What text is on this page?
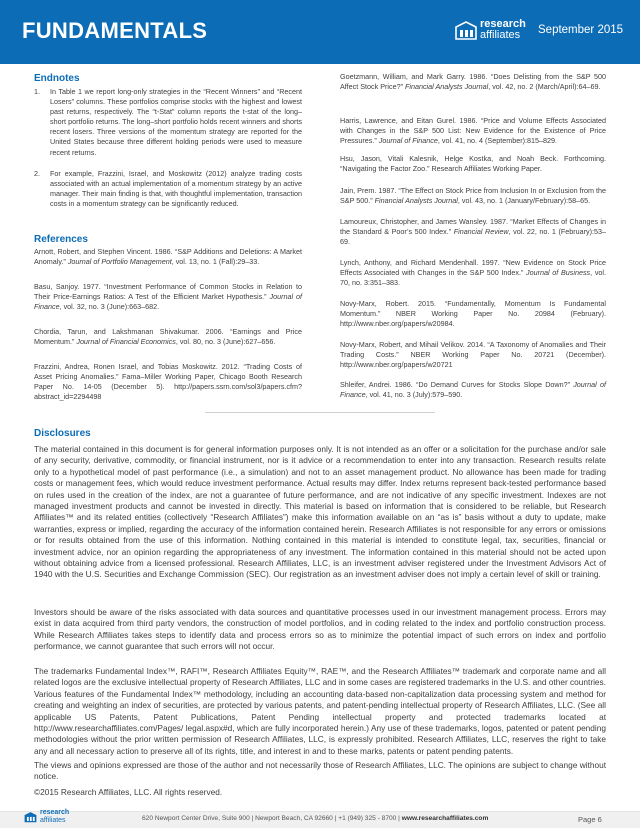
FUNDAMENTALS	research
affiliates September 2015
Endnotes
1. In Table 1 we report long-only strategies in the “Recent Winners” and “Recent Losers” columns. These portfolios comprise stocks with the highest and lowest past returns, respectively. The “t-Stat” column reports the t-stat of the long–short portfolio returns. The long–short portfolio holds recent winners and shorts recent losers. Three versions of the momentum strategy are reported for the United States because three different holding periods were used to measure recent returns.
2. For example, Frazzini, Israel, and Moskowitz (2012) analyze trading costs associated with an actual implementation of a momentum strategy by an active manager. Their main finding is that, with thoughtful implementation, transaction costs in a momentum strategy can be significantly reduced.
References
Arnott, Robert, and Stephen Vincent. 1986. “S&P Additions and Deletions: A Market Anomaly.” Journal of Portfolio Management, vol. 13, no. 1 (Fall):29–33.
Basu, Sanjoy. 1977. “Investment Performance of Common Stocks in Relation to Their Price-Earnings Ratios: A Test of the Efficient Market Hypothesis.” Journal of Finance, vol. 32, no. 3 (June):663–682.
Chordia, Tarun, and Lakshmanan Shivakumar. 2006. “Earnings and Price Momentum.” Journal of Financial Economics, vol. 80, no. 3 (June):627–656.
Frazzini, Andrea, Ronen Israel, and Tobias Moskowitz. 2012. “Trading Costs of Asset Pricing Anomalies.” Fama–Miller Working Paper, Chicago Booth Research Paper No. 14-05 (December 5). http://papers.ssrn.com/sol3/papers.cfm?abstract_id=2294498
Goetzmann, William, and Mark Garry. 1986. “Does Delisting from the S&P 500 Affect Stock Price?” Financial Analysts Journal, vol. 42, no. 2 (March/April):64–69.
Harris, Lawrence, and Eitan Gurel. 1986. “Price and Volume Effects Associated with Changes in the S&P 500 List: New Evidence for the Existence of Price Pressures.” Journal of Finance, vol. 41, no. 4 (September):815–829.
Hsu, Jason, Vitali Kalesnik, Helge Kostka, and Noah Beck. Forthcoming. “Navigating the Factor Zoo.” Research Affiliates Working Paper.
Jain, Prem. 1987. “The Effect on Stock Price from Inclusion In or Exclusion from the S&P 500.” Financial Analysts Journal, vol. 43, no. 1 (January/February):58–65.
Lamoureux, Christopher, and James Wansley. 1987. “Market Effects of Changes in the Standard & Poor’s 500 Index.” Financial Review, vol. 22, no. 1 (February):53–69.
Lynch, Anthony, and Richard Mendenhall. 1997. “New Evidence on Stock Price Effects Associated with Changes in the S&P 500 Index.” Journal of Business, vol. 70, no. 3:351–383.
Novy-Marx, Robert. 2015. “Fundamentally, Momentum Is Fundamental Momentum.” NBER Working Paper No. 20984 (February). http://www.nber.org/papers/w20984.
Novy-Marx, Robert, and Mihail Velikov. 2014. “A Taxonomy of Anomalies and Their Trading Costs.” NBER Working Paper No. 20721 (December). http://www.nber.org/papers/w20721
Shleifer, Andrei. 1986. “Do Demand Curves for Stocks Slope Down?” Journal of Finance, vol. 41, no. 3 (July):579–590.
Disclosures
The material contained in this document is for general information purposes only. It is not intended as an offer or a solicitation for the purchase and/or sale of any security, derivative, commodity, or financial instrument, nor is it advice or a recommendation to enter into any transaction. Research results relate only to a hypothetical model of past performance (i.e., a simulation) and not to an asset management product. No allowance has been made for trading costs or management fees, which would reduce investment performance. Actual results may differ. Index returns represent back-tested performance based on rules used in the creation of the index, are not a guarantee of future performance, and are not indicative of any specific investment. Indexes are not managed investment products and cannot be invested in directly. This material is based on information that is considered to be reliable, but Research Affiliates™ and its related entities (collectively “Research Affiliates”) make this information available on an “as is” basis without a duty to update, make warranties, express or implied, regarding the accuracy of the information contained herein. Research Affiliates is not responsible for any errors or omissions or for results obtained from the use of this information. Nothing contained in this material is intended to constitute legal, tax, securities, financial or investment advice, nor an opinion regarding the appropriateness of any investment. The information contained in this material should not be acted upon without obtaining advice from a licensed professional. Research Affiliates, LLC, is an investment adviser registered under the Investment Advisors Act of 1940 with the U.S. Securities and Exchange Commission (SEC). Our registration as an investment adviser does not imply a certain level of skill or training.
Investors should be aware of the risks associated with data sources and quantitative processes used in our investment management process. Errors may exist in data acquired from third party vendors, the construction of model portfolios, and in coding related to the index and portfolio construction process. While Research Affiliates takes steps to identify data and process errors so as to minimize the potential impact of such errors on index and portfolio performance, we cannot guarantee that such errors will not occur.
The trademarks Fundamental Index™, RAFI™, Research Affiliates Equity™, RAE™, and the Research Affiliates™ trademark and corporate name and all related logos are the exclusive intellectual property of Research Affiliates, LLC and in some cases are registered trademarks in the U.S. and other countries. Various features of the Fundamental Index™ methodology, including an accounting data-based non-capitalization data processing system and method for creating and weighting an index of securities, are protected by various patents, and patent-pending intellectual property of Research Affiliates, LLC. (See all applicable US Patents, Patent Publications, Patent Pending intellectual property and protected trademarks located at http://www.researchaffiliates.com/Pages/ legal.aspx#d, which are fully incorporated herein.) Any use of these trademarks, logos, patented or patent pending methodologies without the prior written permission of Research Affiliates, LLC, is expressly prohibited. Research Affiliates, LLC, reserves the right to take any and all necessary action to preserve all of its rights, title, and interest in and to these marks, patents or patent pending patents.
The views and opinions expressed are those of the author and not necessarily those of Research Affiliates, LLC. The opinions are subject to change without notice.
©2015 Research Affiliates, LLC. All rights reserved.
research
affiliates	620 Newport Center Drive, Suite 900 | Newport Beach, CA 92660 | +1 (949) 325 - 8700 | www.researchaffiliates.com	Page 6
